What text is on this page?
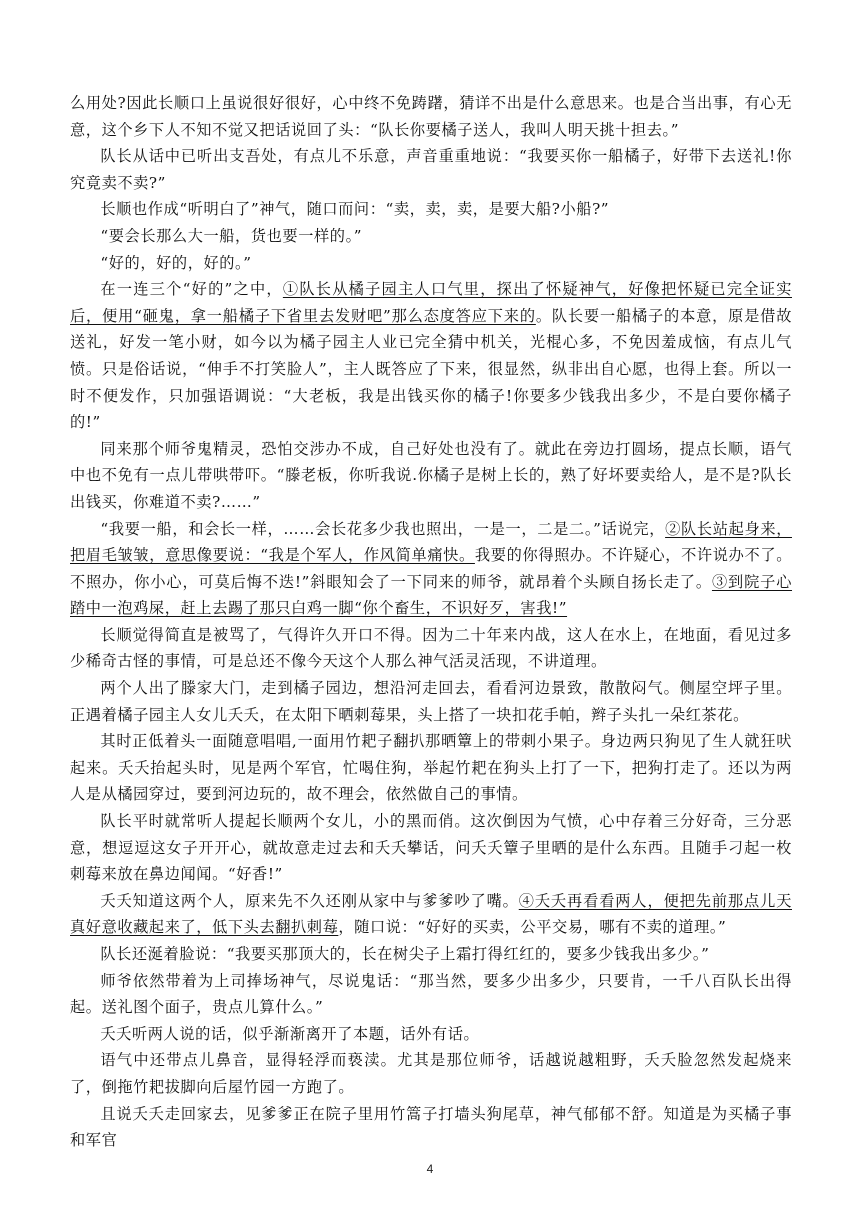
么用处?因此长顺口上虽说很好很好，心中终不免踌躇，猜详不出是什么意思来。也是合当出事，有心无意，这个乡下人不知不觉又把话说回了头：“队长你要橘子送人，我叫人明天挑十担去。”

队长从话中已听出支吾处，有点儿不乐意，声音重重地说：“我要买你一船橘子，好带下去送礼!你究竟卖不卖?”

长顺也作成“听明白了”神气，随口而问：“卖，卖，卖，是要大船?小船?”

“要会长那么大一船，货也要一样的。”

“好的，好的，好的。”

在一连三个“好的”之中，①队长从橘子园主人口气里，探出了怀疑神气，好像把怀疑已完全证实后，便用“砸鬼，拿一船橘子下省里去发财吧”那么态度答应下来的。队长要一船橘子的本意，原是借故送礼，好发一笔小财，如今以为橘子园主人业已完全猜中机关，光棍心多，不免因羞成恼，有点儿气愤。只是俗话说，“伸手不打笑脸人”，主人既答应了下来，很显然，纵非出自心愿，也得上套。所以一时不便发作，只加强语调说：“大老板，我是出钱买你的橘子!你要多少钱我出多少，不是白要你橘子的!”

同来那个师爷鬼精灵，恐怕交涉办不成，自己好处也没有了。就此在旁边打圆场，提点长顺，语气中也不免有一点儿带哄带吓。“滕老板，你听我说.你橘子是树上长的，熟了好坏要卖给人，是不是?队长出钱买，你难道不卖?……”

“我要一船，和会长一样，……会长花多少我也照出，一是一，二是二。”话说完，②队长站起身来，把眉毛皱皱，意思像要说：“我是个军人，作风简单痛快。我要的你得照办。不许疑心，不许说办不了。不照办，你小心，可莫后悔不迭!”斜眼知会了一下同来的师爷，就昂着个头顾自扬长走了。③到院子心踏中一泡鸡屎，赶上去踢了那只白鸡一脚“你个畜生，不识好歹，害我!”

长顺觉得简直是被骂了，气得许久开口不得。因为二十年来内战，这人在水上，在地面，看见过多少稀奇古怪的事情，可是总还不像今天这个人那么神气活灵活现，不讲道理。

两个人出了滕家大门，走到橘子园边，想沿河走回去，看看河边景致，散散闷气。侧屋空坪子里。正遇着橘子园主人女儿夭夭，在太阳下晒刺莓果，头上搭了一块扣花手帕，辫子头扎一朵红茶花。

其时正低着头一面随意唱唱,一面用竹耙子翻扒那晒簟上的带刺小果子。身边两只狗见了生人就狂吠起来。夭夭抬起头时，见是两个军官，忙喝住狗，举起竹耙在狗头上打了一下，把狗打走了。还以为两人是从橘园穿过，要到河边玩的，故不理会，依然做自己的事情。

队长平时就常听人提起长顺两个女儿，小的黑而俏。这次倒因为气愤，心中存着三分好奇，三分恶意，想逗逗这女子开开心，就故意走过去和夭夭攀话，问夭夭簟子里晒的是什么东西。且随手刁起一枚刺莓来放在鼻边闻闻。“好香!”

夭夭知道这两个人，原来先不久还刚从家中与爹爹吵了嘴。④夭夭再看看两人，便把先前那点儿天真好意收藏起来了，低下头去翻扒刺莓，随口说：“好好的买卖，公平交易，哪有不卖的道理。”

队长还涎着脸说：“我要买那顶大的，长在树尖子上霜打得红红的，要多少钱我出多少。”

师爷依然带着为上司捧场神气，尽说鬼话：“那当然，要多少出多少，只要肯，一千八百队长出得起。送礼图个面子，贵点儿算什么。”

夭夭听两人说的话，似乎渐渐离开了本题，话外有话。

语气中还带点儿鼻音，显得轻浮而亵渎。尤其是那位师爷，话越说越粗野，夭夭脸忽然发起烧来了，倒拖竹耙拔脚向后屋竹园一方跑了。

且说夭夭走回家去，见爹爹正在院子里用竹篙子打墙头狗尾草，神气郁郁不舒。知道是为买橘子事和军官

4
